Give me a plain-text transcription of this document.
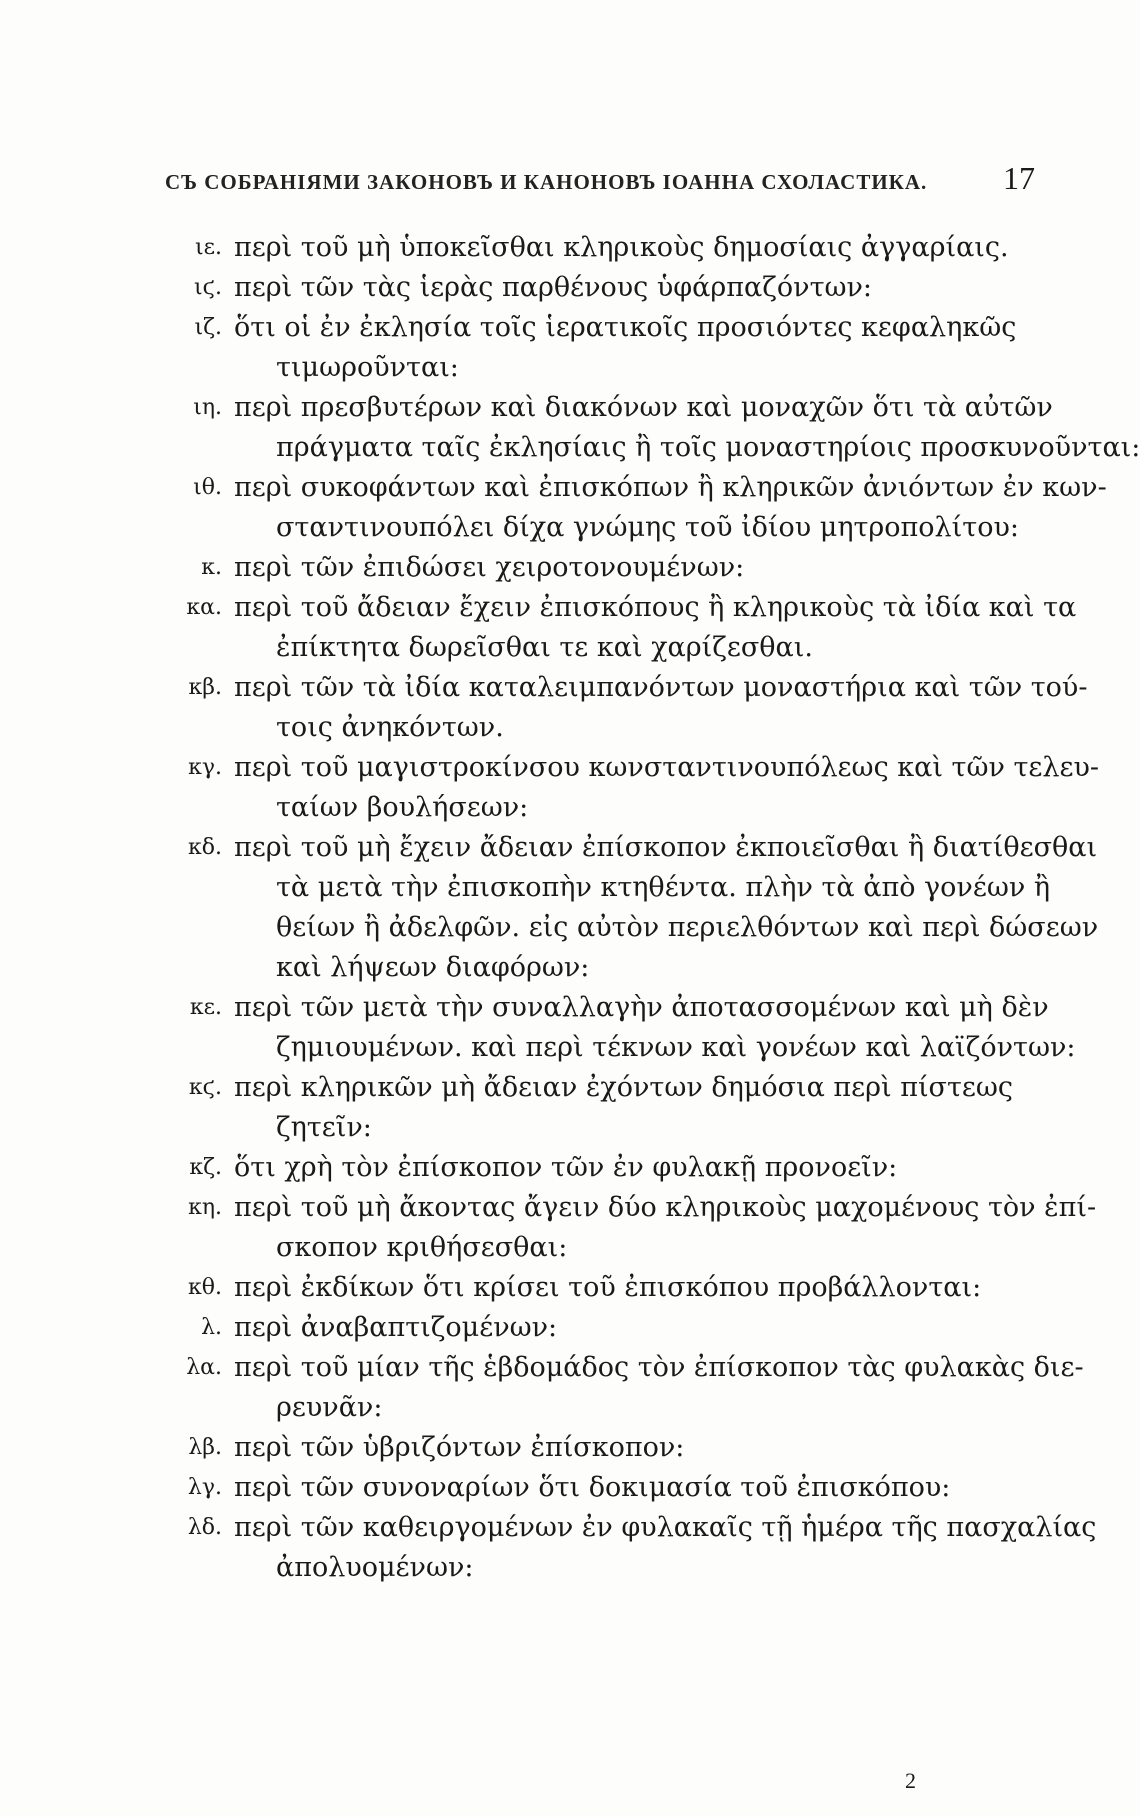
СЪ СОБРАНІЯМИ ЗАКОНОВЪ И КАНОНОВЪ ІОАННА СХОЛАСТИКА. 17
ιε. περὶ τοῦ μὴ ὑποκεῖσθαι κληρικοὺς δημοσίαις ἀγγαρίαις.
ιϛ. περὶ τῶν τὰς ἱερὰς παρθένους ὑφάρπαζόντων:
ιζ. ὅτι οἱ ἐν ἐκλησία τοῖς ἱερατικοῖς προσιόντες κεφαληκῶς
τιμωροῦνται:
ιη. περὶ πρεσβυτέρων καὶ διακόνων καὶ μοναχῶν ὅτι τὰ αὐτῶν
πράγματα ταῖς ἐκλησίαις ἢ τοῖς μοναστηρίοις προσκυνοῦνται:
ιθ. περὶ συκοφάντων καὶ ἐπισκόπων ἢ κληρικῶν ἀνιόντων ἐν κων-
σταντινουπόλει δίχα γνώμης τοῦ ἰδίου μητροπολίτου:
κ. περὶ τῶν ἐπιδώσει χειροτονουμένων:
κα. περὶ τοῦ ἄδειαν ἔχειν ἐπισκόπους ἢ κληρικοὺς τὰ ἰδία καὶ τα
ἐπίκτητα δωρεῖσθαι τε καὶ χαρίζεσθαι.
κβ. περὶ τῶν τὰ ἰδία καταλειμπανόντων μοναστήρια καὶ τῶν τού-
τοις ἀνηκόντων.
κγ. περὶ τοῦ μαγιστροκίνσου κωνσταντινουπόλεως καὶ τῶν τελευ-
ταίων βουλήσεων:
κδ. περὶ τοῦ μὴ ἔχειν ἄδειαν ἐπίσκοπον ἐκποιεῖσθαι ἢ διατίθεσθαι
τὰ μετὰ τὴν ἐπισκοπὴν κτηθέντα. πλὴν τὰ ἀπὸ γονέων ἢ
θείων ἢ ἀδελφῶν. εἰς αὐτὸν περιελθόντων καὶ περὶ δώσεων
καὶ λήψεων διαφόρων:
κε. περὶ τῶν μετὰ τὴν συναλλαγὴν ἀποτασσομένων καὶ μὴ δὲν
ζημιουμένων. καὶ περὶ τέκνων καὶ γονέων καὶ λαϊζόντων:
κϛ. περὶ κληρικῶν μὴ ἄδειαν ἐχόντων δημόσια περὶ πίστεως
ζητεῖν:
κζ. ὅτι χρὴ τὸν ἐπίσκοπον τῶν ἐν φυλακῇ προνοεῖν:
κη. περὶ τοῦ μὴ ἄκοντας ἄγειν δύο κληρικοὺς μαχομένους τὸν ἐπί-
σκοπον κριθήσεσθαι:
κθ. περὶ ἐκδίκων ὅτι κρίσει τοῦ ἐπισκόπου προβάλλονται:
λ. περὶ ἀναβαπτιζομένων:
λα. περὶ τοῦ μίαν τῆς ἑβδομάδος τὸν ἐπίσκοπον τὰς φυλακὰς διε-
ρευνᾶν:
λβ. περὶ τῶν ὑβριζόντων ἐπίσκοπον:
λγ. περὶ τῶν συνοναρίων ὅτι δοκιμασία τοῦ ἐπισκόπου:
λδ. περὶ τῶν καθειργομένων ἐν φυλακαῖς τῇ ἡμέρα τῆς πασχαλίας
ἀπολυομένων:
2
